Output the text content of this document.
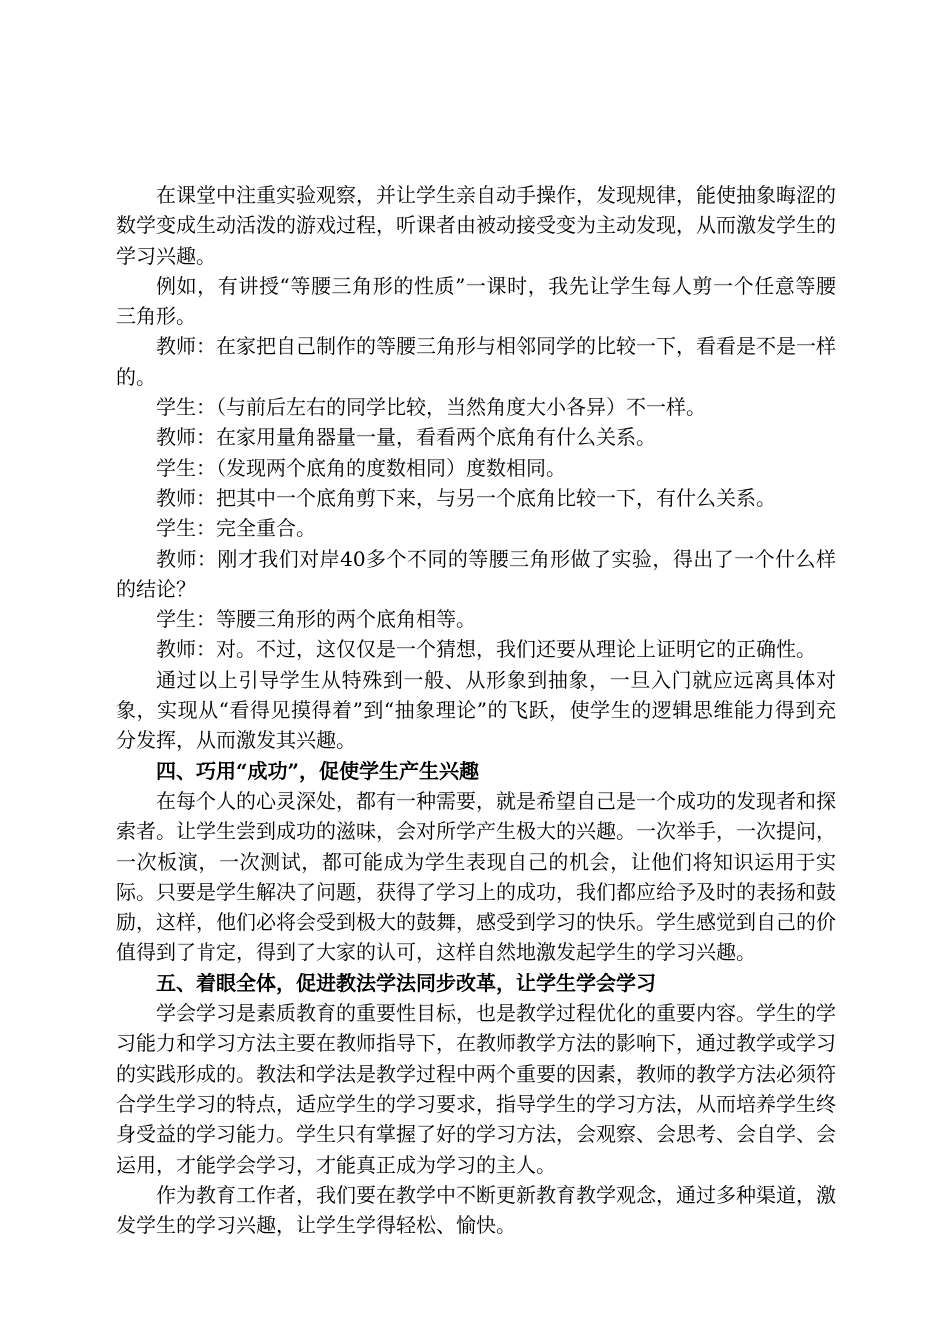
在课堂中注重实验观察，并让学生亲自动手操作，发现规律，能使抽象晦涩的数学变成生动活泼的游戏过程，听课者由被动接受变为主动发现，从而激发学生的学习兴趣。

例如，有讲授“等腰三角形的性质”一课时，我先让学生每人剪一个任意等腰三角形。

教师：在家把自己制作的等腰三角形与相邻同学的比较一下，看看是不是一样的。

学生：（与前后左右的同学比较，当然角度大小各异）不一样。

教师：在家用量角器量一量，看看两个底角有什么关系。

学生：（发现两个底角的度数相同）度数相同。

教师：把其中一个底角剪下来，与另一个底角比较一下，有什么关系。

学生：完全重合。

教师：刚才我们对岸40多个不同的等腰三角形做了实验，得出了一个什么样的结论？

学生：等腰三角形的两个底角相等。

教师：对。不过，这仅仅是一个猜想，我们还要从理论上证明它的正确性。

通过以上引导学生从特殊到一般、从形象到抽象，一旦入门就应远离具体对象，实现从“看得见摸得着”到“抽象理论”的飞跃，使学生的逻辑思维能力得到充分发挥，从而激发其兴趣。

四、巧用“成功”，促使学生产生兴趣

在每个人的心灵深处，都有一种需要，就是希望自己是一个成功的发现者和探索者。让学生尝到成功的滋味，会对所学产生极大的兴趣。一次举手，一次提问，一次板演，一次测试，都可能成为学生表现自己的机会，让他们将知识运用于实际。只要是学生解决了问题，获得了学习上的成功，我们都应给予及时的表扬和鼓励，这样，他们必将会受到极大的鼓舞，感受到学习的快乐。学生感觉到自己的价值得到了肯定，得到了大家的认可，这样自然地激发起学生的学习兴趣。

五、着眼全体，促进教法学法同步改革，让学生学会学习

学会学习是素质教育的重要性目标，也是教学过程优化的重要内容。学生的学习能力和学习方法主要在教师指导下，在教师教学方法的影响下，通过教学或学习的实践形成的。教法和学法是教学过程中两个重要的因素，教师的教学方法必须符合学生学习的特点，适应学生的学习要求，指导学生的学习方法，从而培养学生终身受益的学习能力。学生只有掌握了好的学习方法，会观察、会思考、会自学、会运用，才能学会学习，才能真正成为学习的主人。

作为教育工作者，我们要在教学中不断更新教育教学观念，通过多种渠道，激发学生的学习兴趣，让学生学得轻松、愉快。
